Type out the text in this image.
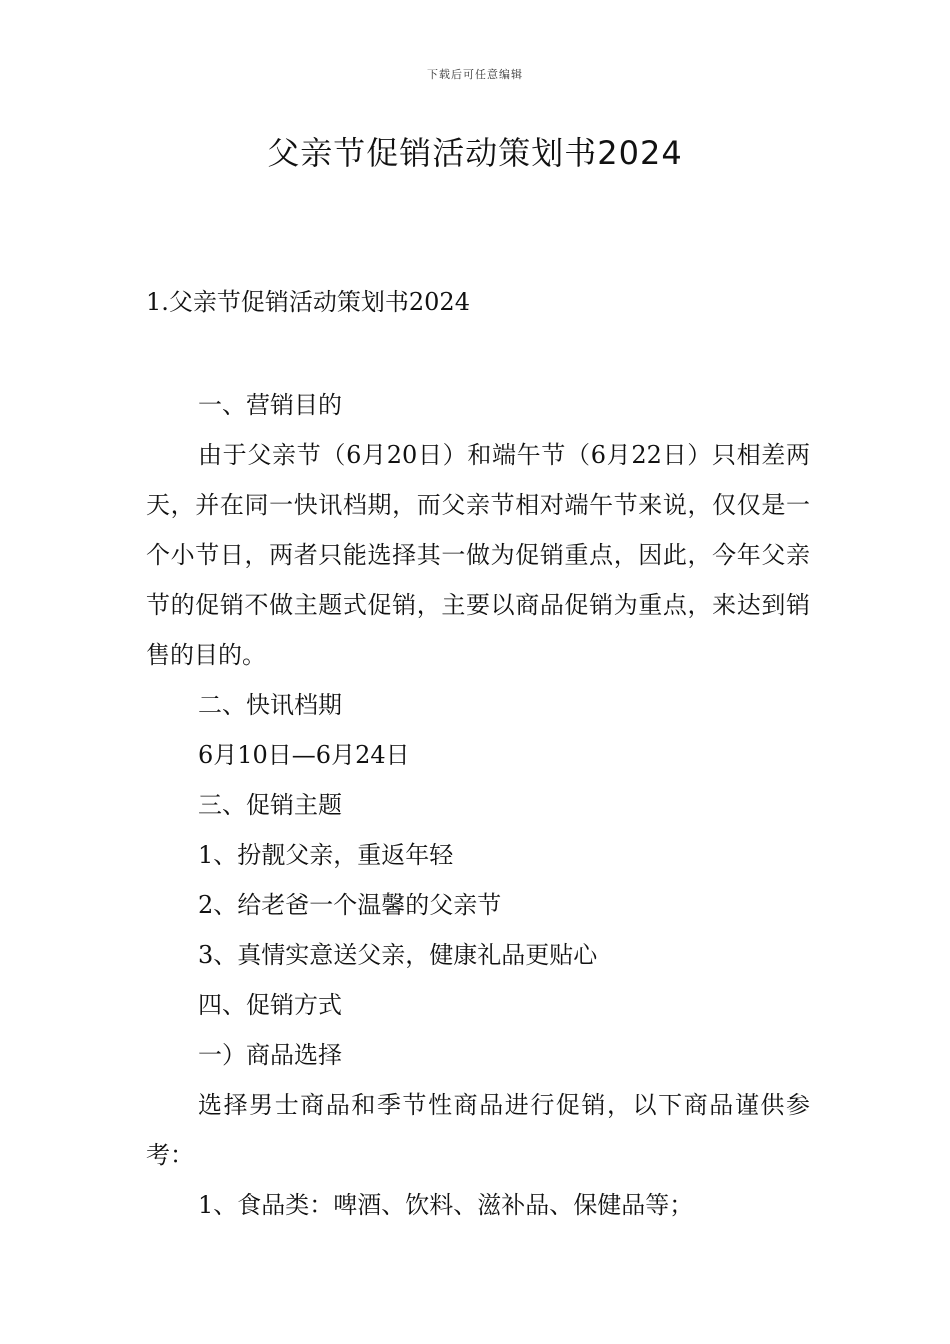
下载后可任意编辑
父亲节促销活动策划书2024

1.父亲节促销活动策划书2024

一、营销目的

由于父亲节（6月20日）和端午节（6月22日）只相差两天，并在同一快讯档期，而父亲节相对端午节来说，仅仅是一个小节日，两者只能选择其一做为促销重点，因此，今年父亲节的促销不做主题式促销，主要以商品促销为重点，来达到销售的目的。

二、快讯档期

6月10日—6月24日

三、促销主题

1、扮靓父亲，重返年轻

2、给老爸一个温馨的父亲节

3、真情实意送父亲，健康礼品更贴心

四、促销方式

一）商品选择

选择男士商品和季节性商品进行促销，以下商品谨供参考：

1、食品类：啤酒、饮料、滋补品、保健品等；
